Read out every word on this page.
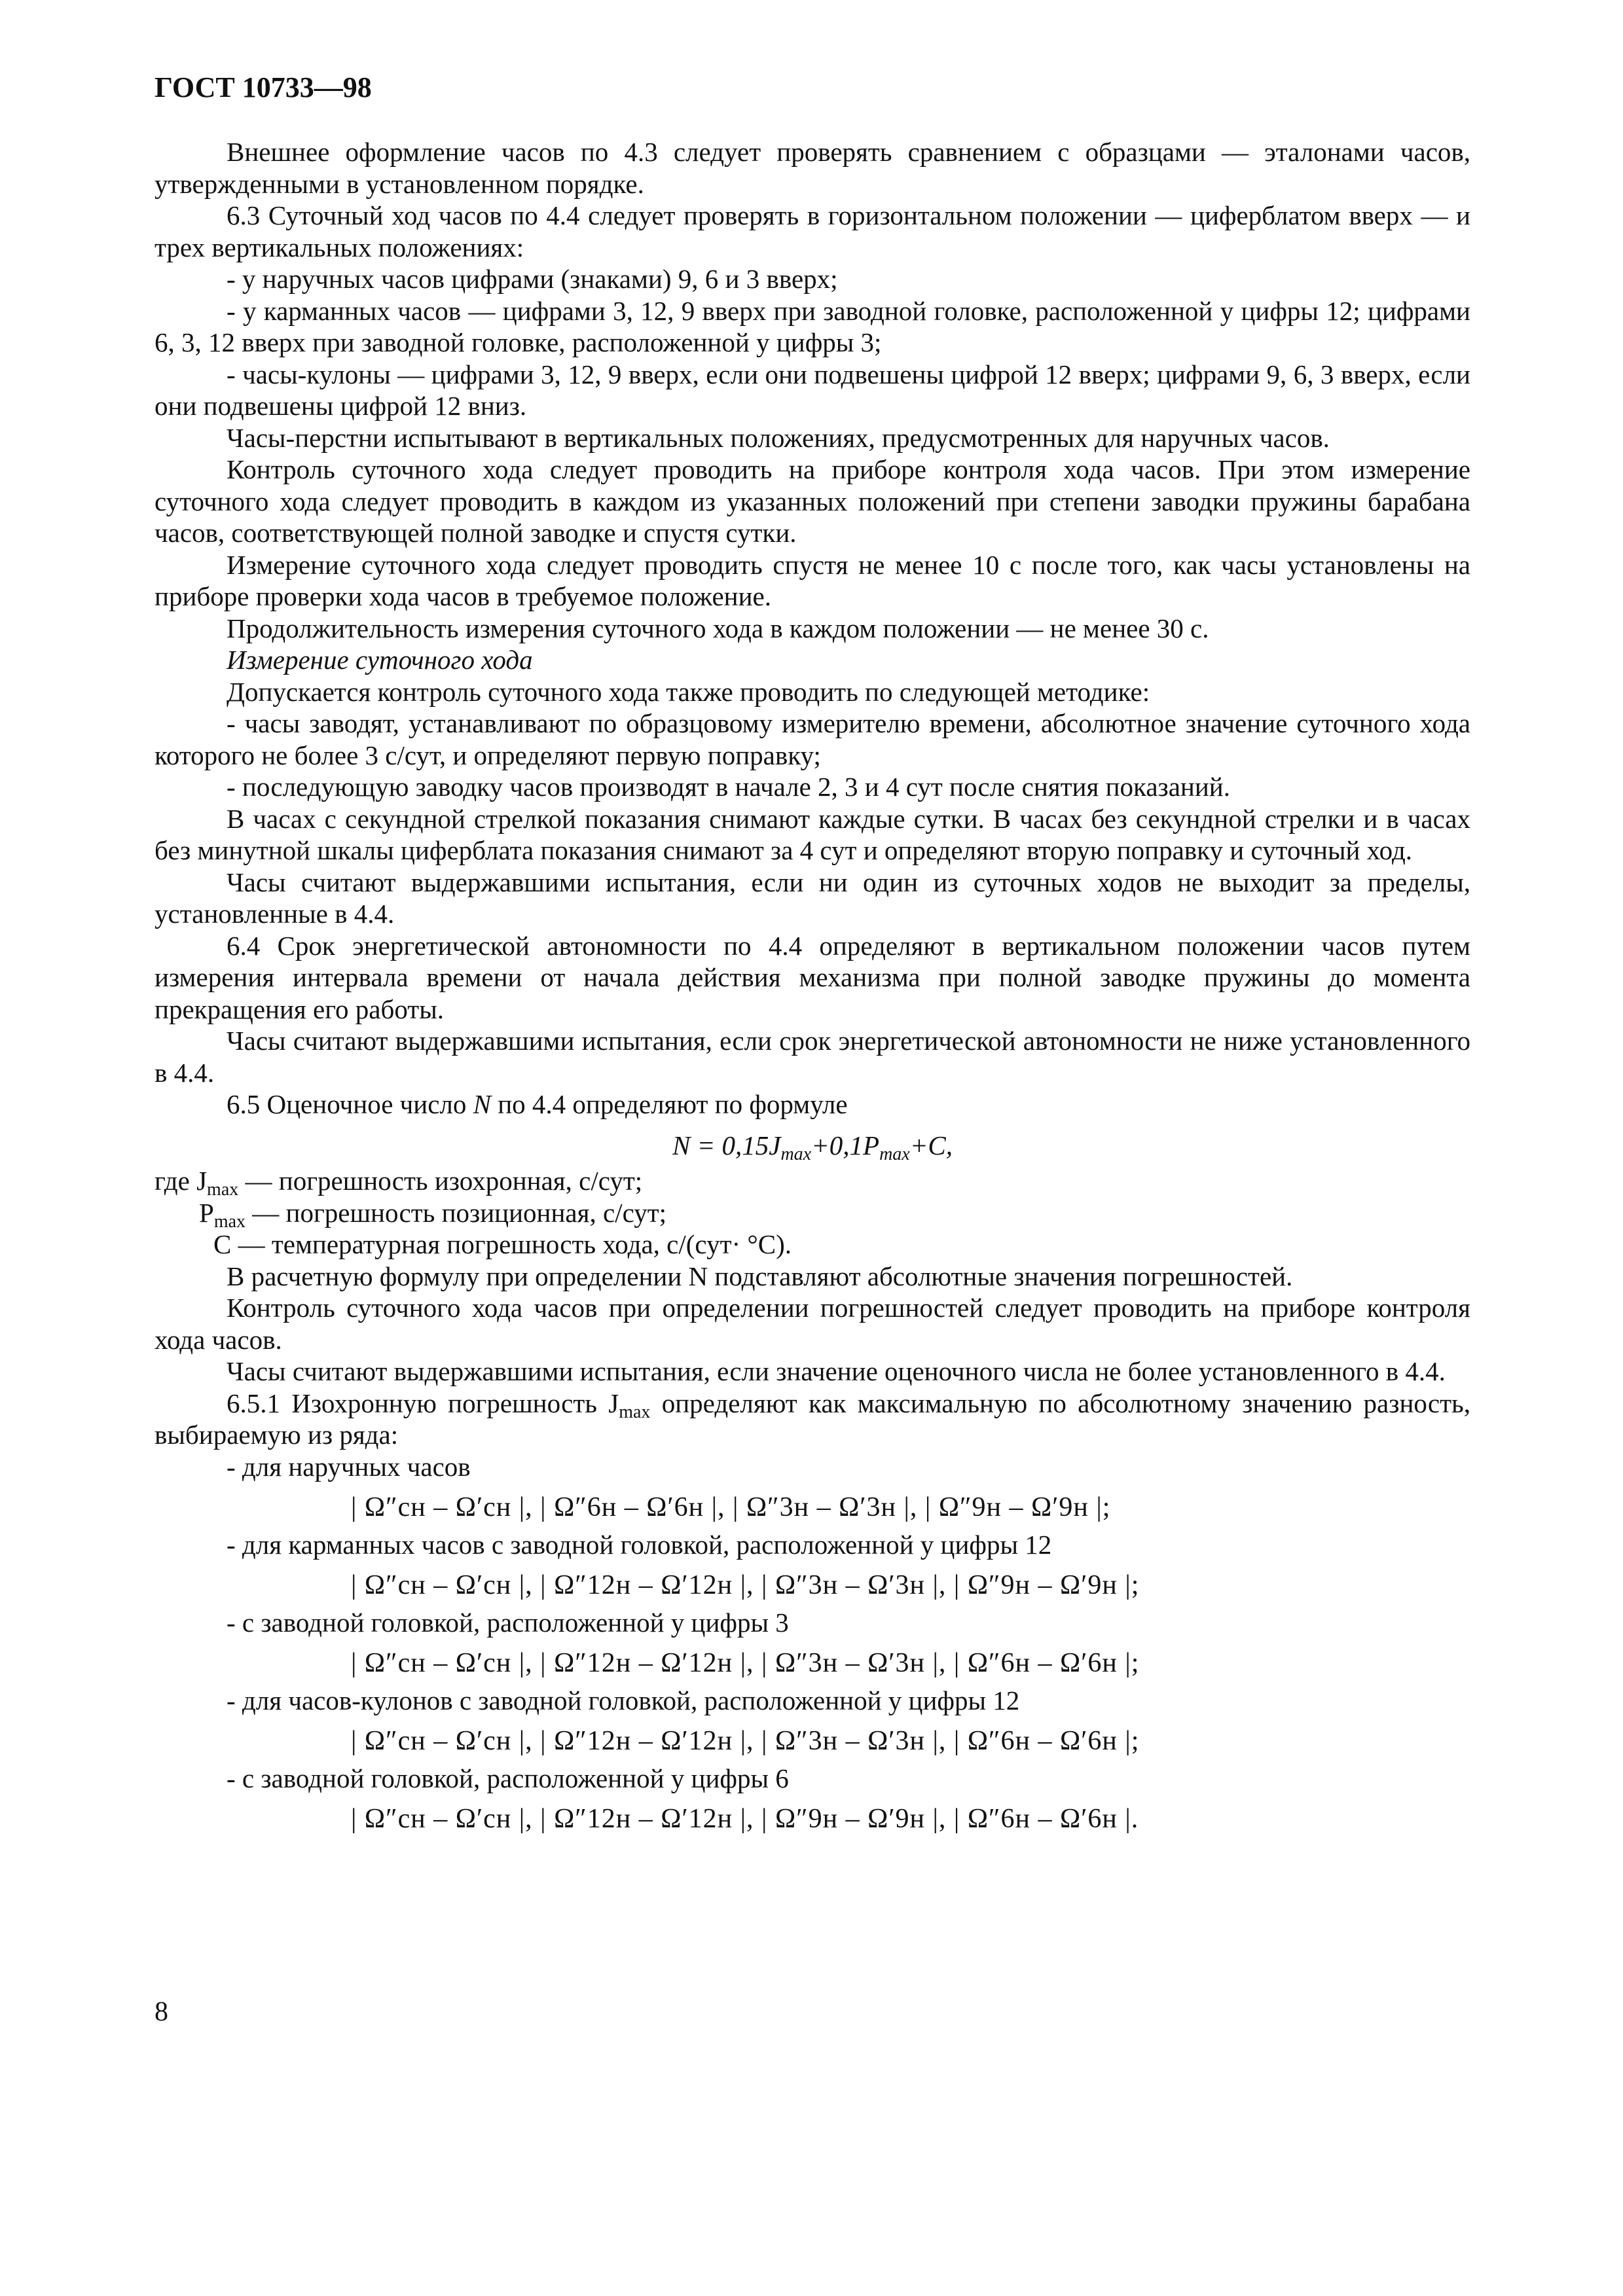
ГОСТ 10733—98

Внешнее оформление часов по 4.3 следует проверять сравнением с образцами — эталонами часов, утвержденными в установленном порядке.

6.3 Суточный ход часов по 4.4 следует проверять в горизонтальном положении — циферблатом вверх — и трех вертикальных положениях:

- у наручных часов цифрами (знаками) 9, 6 и 3 вверх;

- у карманных часов — цифрами 3, 12, 9 вверх при заводной головке, расположенной у цифры 12; цифрами 6, 3, 12 вверх при заводной головке, расположенной у цифры 3;

- часы-кулоны — цифрами 3, 12, 9 вверх, если они подвешены цифрой 12 вверх; цифрами 9, 6, 3 вверх, если они подвешены цифрой 12 вниз.

Часы-перстни испытывают в вертикальных положениях, предусмотренных для наручных часов.

Контроль суточного хода следует проводить на приборе контроля хода часов. При этом измерение суточного хода следует проводить в каждом из указанных положений при степени заводки пружины барабана часов, соответствующей полной заводке и спустя сутки.

Измерение суточного хода следует проводить спустя не менее 10 с после того, как часы установлены на приборе проверки хода часов в требуемое положение.

Продолжительность измерения суточного хода в каждом положении — не менее 30 с.

Измерение суточного хода

Допускается контроль суточного хода также проводить по следующей методике:

- часы заводят, устанавливают по образцовому измерителю времени, абсолютное значение суточного хода которого не более 3 с/сут, и определяют первую поправку;

- последующую заводку часов производят в начале 2, 3 и 4 сут после снятия показаний.

В часах с секундной стрелкой показания снимают каждые сутки. В часах без секундной стрелки и в часах без минутной шкалы циферблата показания снимают за 4 сут и определяют вторую поправку и суточный ход.

Часы считают выдержавшими испытания, если ни один из суточных ходов не выходит за пределы, установленные в 4.4.

6.4 Срок энергетической автономности по 4.4 определяют в вертикальном положении часов путем измерения интервала времени от начала действия механизма при полной заводке пружины до момента прекращения его работы.

Часы считают выдержавшими испытания, если срок энергетической автономности не ниже установленного в 4.4.

6.5 Оценочное число N по 4.4 определяют по формуле

$N = 0,15J_{max}+0,1P_{max}+C$,
где $J_{max}$ — погрешность изохронная, с/сут;
$P_{max}$ — погрешность позиционная, с/сут;
C — температурная погрешность хода, с/(сут· °С).

В расчетную формулу при определении N подставляют абсолютные значения погрешностей.

Контроль суточного хода часов при определении погрешностей следует проводить на приборе контроля хода часов.

Часы считают выдержавшими испытания, если значение оценочного числа не более установленного в 4.4.

6.5.1 Изохронную погрешность $J_{max}$ определяют как максимальную по абсолютному значению разность, выбираемую из ряда:

- для наручных часов

| Ω″сн – Ω′сн |, | Ω″6н – Ω′6н |, | Ω″3н – Ω′3н |, | Ω″9н – Ω′9н |;

- для карманных часов с заводной головкой, расположенной у цифры 12

| Ω″сн – Ω′сн |, | Ω″12н – Ω′12н |, | Ω″3н – Ω′3н |, | Ω″9н – Ω′9н |;

- с заводной головкой, расположенной у цифры 3

| Ω″сн – Ω′сн |, | Ω″12н – Ω′12н |, | Ω″3н – Ω′3н |, | Ω″6н – Ω′6н |;

- для часов-кулонов с заводной головкой, расположенной у цифры 12

| Ω″сн – Ω′сн |, | Ω″12н – Ω′12н |, | Ω″3н – Ω′3н |, | Ω″6н – Ω′6н |;

- с заводной головкой, расположенной у цифры 6

| Ω″сн – Ω′сн |, | Ω″12н – Ω′12н |, | Ω″9н – Ω′9н |, | Ω″6н – Ω′6н |.
8
